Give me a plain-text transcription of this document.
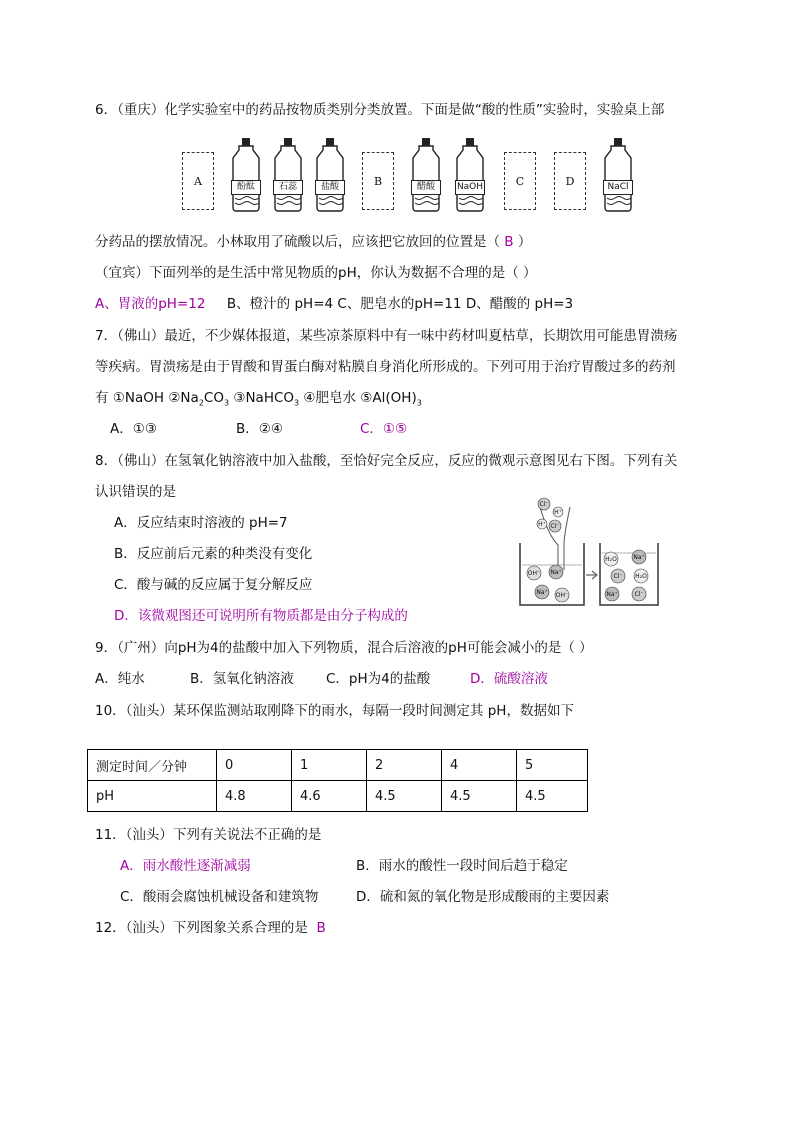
6．（重庆）化学实验室中的药品按物质类别分类放置。下面是做“酸的性质”实验时，实验桌上部
A	酚酞	石蕊	盐酸	B	醋酸	NaOH	C	D	NaCl
分药品的摆放情况。小林取用了硫酸以后，应该把它放回的位置是（ B ）
（宜宾）下面列举的是生活中常见物质的pH，你认为数据不合理的是（ ）
A、胃液的pH=12 B、橙汁的 pH=4 C、肥皂水的pH=11 D、醋酸的 pH=3
7．（佛山）最近，不少媒体报道，某些凉茶原料中有一味中药材叫夏枯草，长期饮用可能患胃溃疡
等疾病。胃溃疡是由于胃酸和胃蛋白酶对粘膜自身消化所形成的。下列可用于治疗胃酸过多的药剂
有 ①NaOH $②Na_2CO_3$ ③NaHCO$_3$ ④肥皂水 $⑤Al(OH)_3$
A．①③	B．②④	C．①⑤
8．（佛山）在氢氧化钠溶液中加入盐酸，至恰好完全反应，反应的微观示意图见右下图。下列有关
认识错误的是
A．反应结束时溶液的 pH=7
B．反应前后元素的种类没有变化
C．酸与碱的反应属于复分解反应
D．该微观图还可说明所有物质都是由分子构成的
Cl⁻
H⁺
H⁺ Cl⁻
OH⁻ Na⁺
Na⁺ OH⁻
H₂O	Na⁺
Cl⁻ H₂O
Na⁺	Cl⁻
9．（广州）向pH为4的盐酸中加入下列物质，混合后溶液的pH可能会减小的是（ ）
A．纯水	B．氢氧化钠溶液 C．pH为4的盐酸	D．硫酸溶液
10．（汕头）某环保监测站取刚降下的雨水，每隔一段时间测定其 pH，数据如下
测定时间／分钟	0	1	2	4	5
pH	4.8	4.6	4.5	4.5	4.5
11．（汕头）下列有关说法不正确的是
A．雨水酸性逐渐减弱	B．雨水的酸性一段时间后趋于稳定
C．酸雨会腐蚀机械设备和建筑物	D．硫和氮的氧化物是形成酸雨的主要因素
12．（汕头）下列图象关系合理的是 B
